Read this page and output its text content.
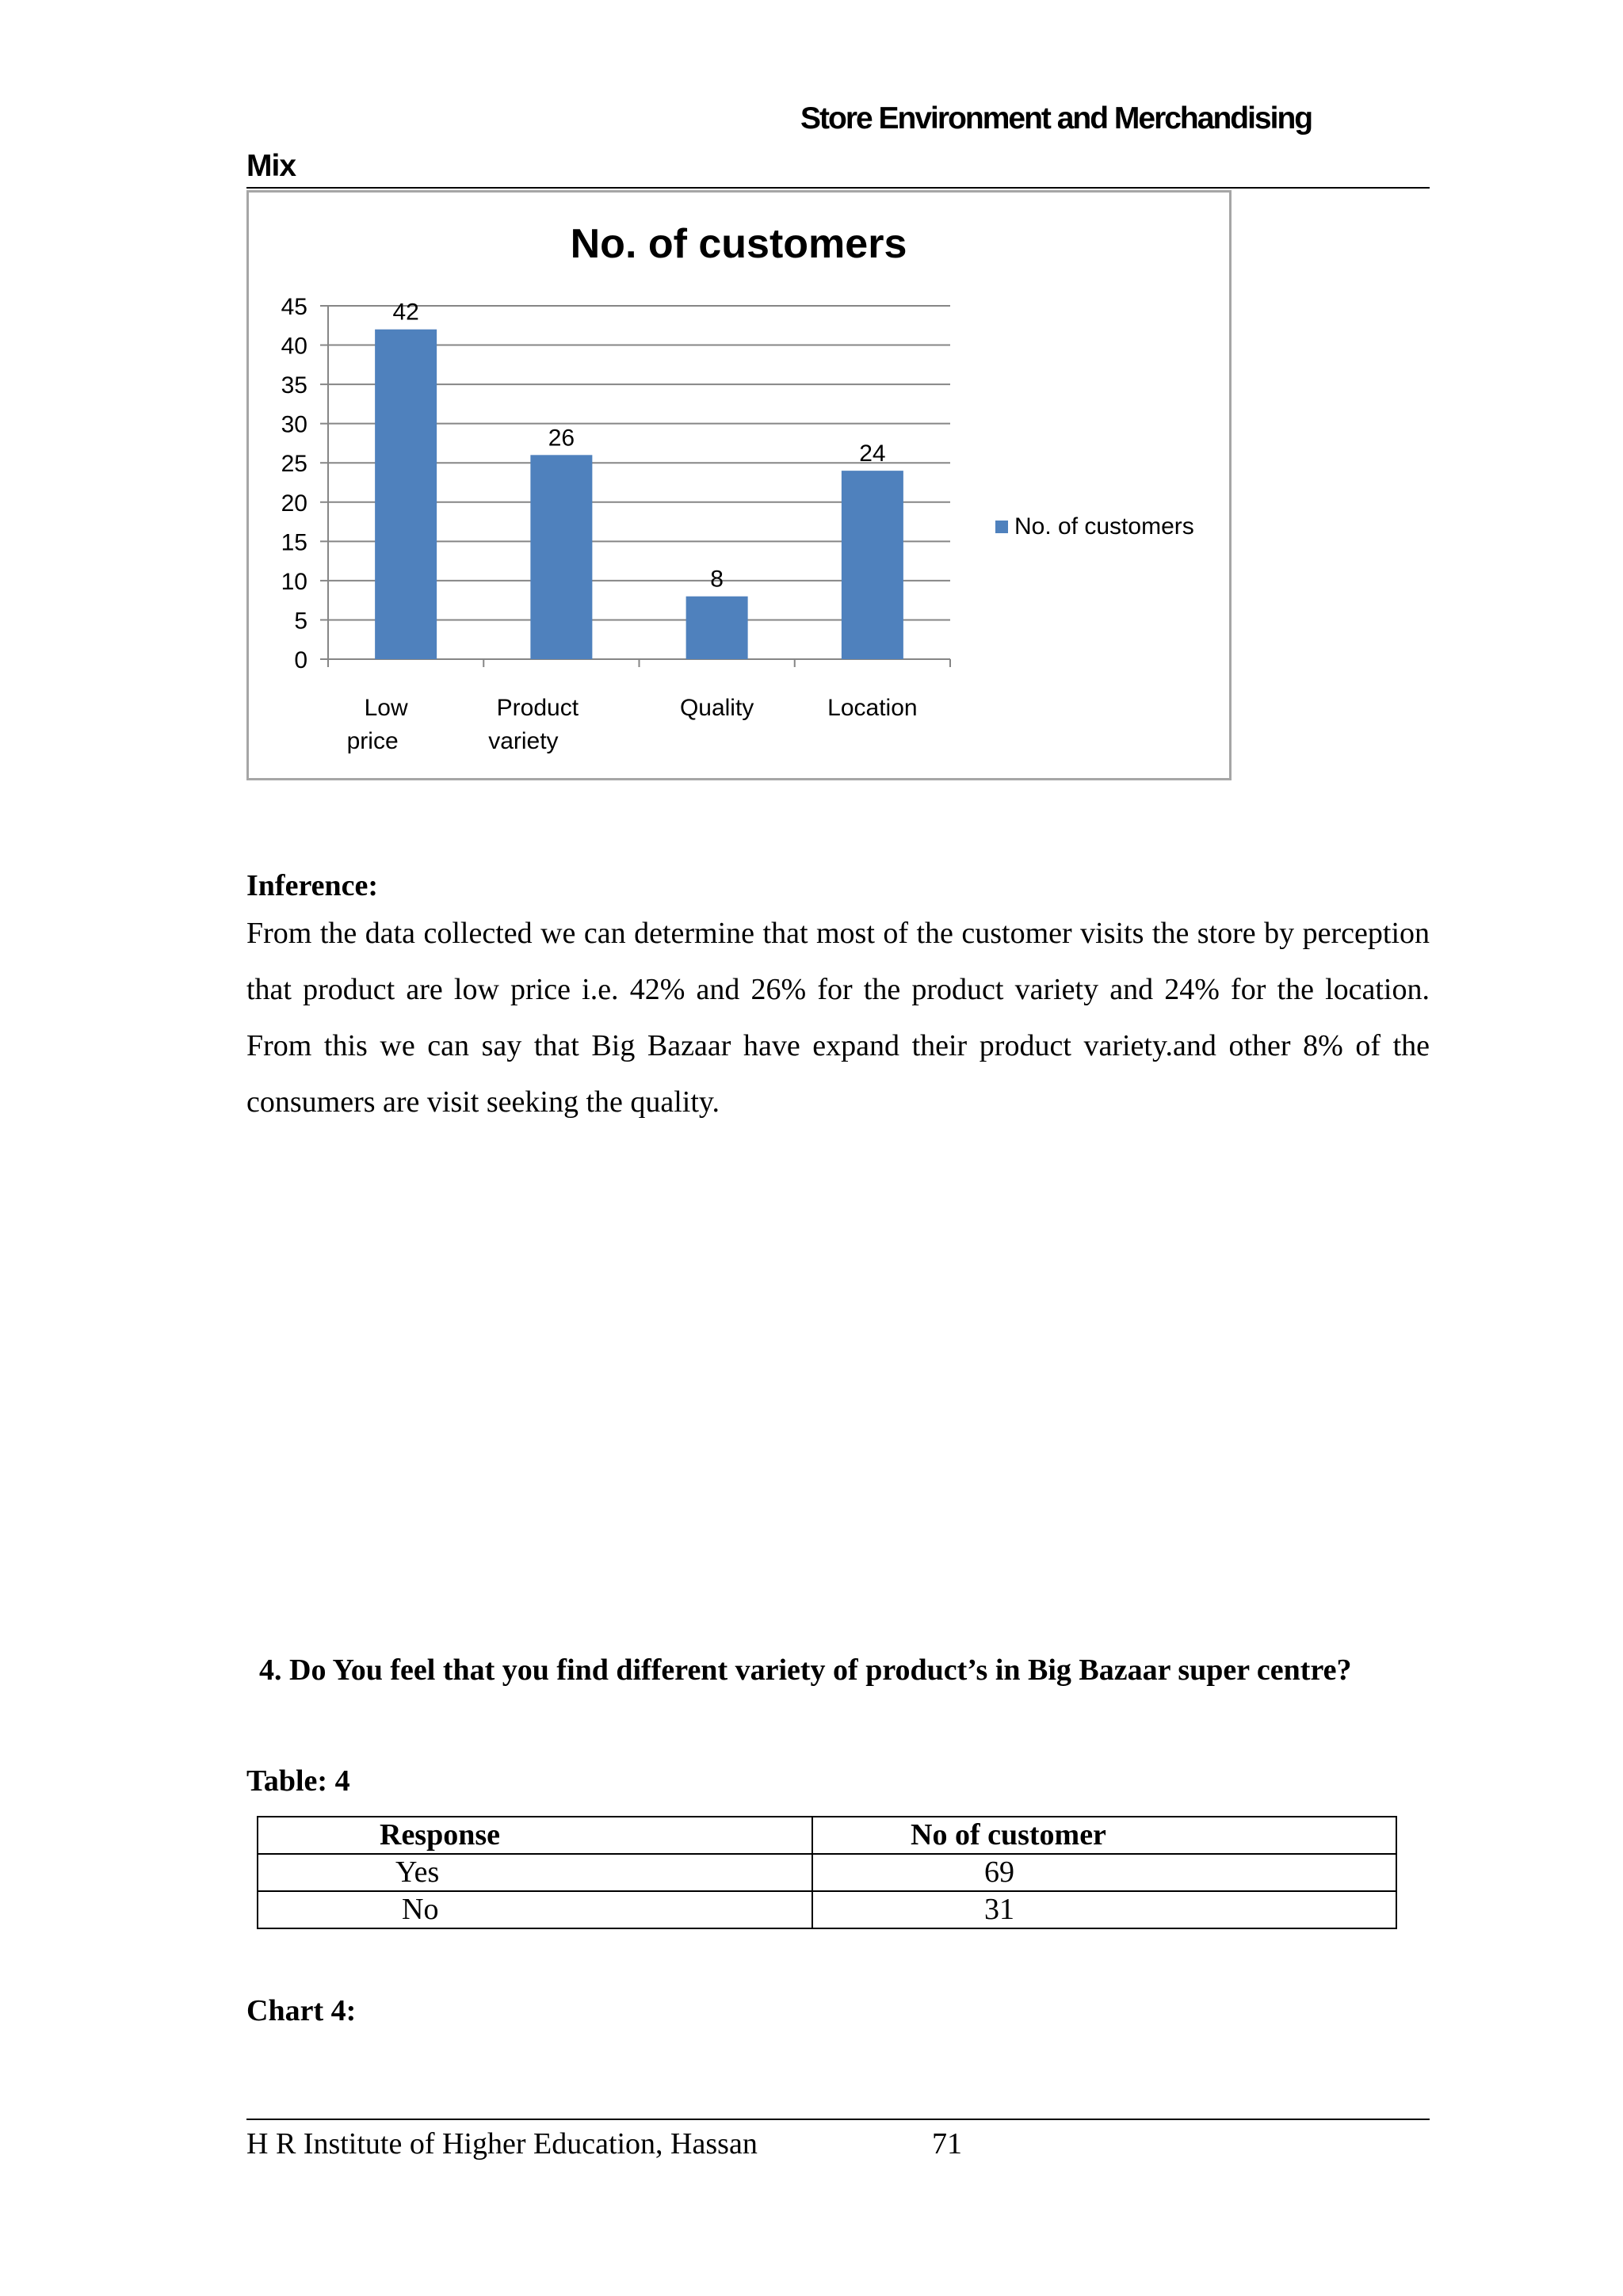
Store Environment and Merchandising
Mix
No. of customers
0
5
10
15
20
25
30
35
40
45	42
Low
price
26
Product
variety
8
Quality
24
Location
No. of customers
Inference:
From the data collected we can determine that most of the customer visits the store by perception that product are low price i.e. 42% and 26% for the product variety and 24% for the location. From this we can say that Big Bazaar have expand their product variety.and other 8% of the consumers are visit seeking the quality.
4. Do You feel that you find different variety of product’s in Big Bazaar super centre?
Table: 4
Response	No of customer
Yes	69
No	31
Chart 4:
H R Institute of Higher Education, Hassan	71
